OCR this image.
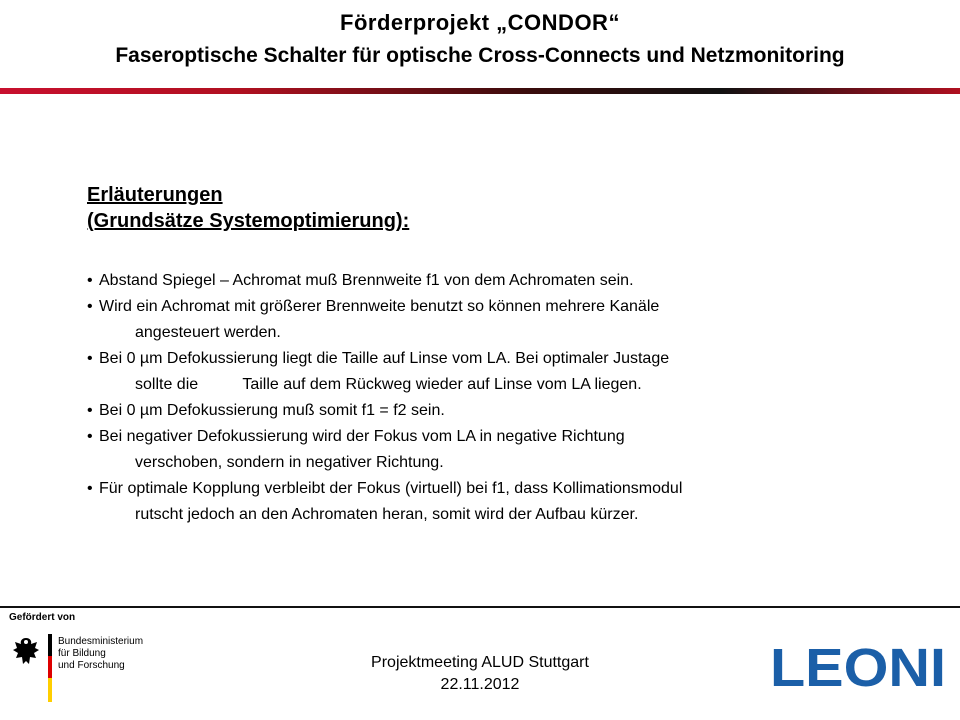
Förderprojekt „CONDOR“
Faseroptische Schalter für optische Cross-Connects und Netzmonitoring

Erläuterungen
(Grundsätze Systemoptimierung):

• Abstand Spiegel – Achromat muß Brennweite f1 von dem Achromaten sein.
• Wird ein Achromat mit größerer Brennweite benutzt so können mehrere Kanäle
angesteuert werden.
• Bei 0 µm Defokussierung liegt die Taille auf Linse vom LA. Bei optimaler Justage
sollte die          Taille auf dem Rückweg wieder auf Linse vom LA liegen.
• Bei 0 µm Defokussierung muß somit f1 = f2 sein.
• Bei negativer Defokussierung wird der Fokus vom LA in negative Richtung
verschoben, sondern in negativer Richtung.
• Für optimale Kopplung verbleibt der Fokus (virtuell) bei f1, dass Kollimationsmodul
rutscht jedoch an den Achromaten heran, somit wird der Aufbau kürzer.
Gefördert von
Bundesministerium
für Bildung
und Forschung	Projektmeeting ALUD Stuttgart
22.11.2012	LEONI
